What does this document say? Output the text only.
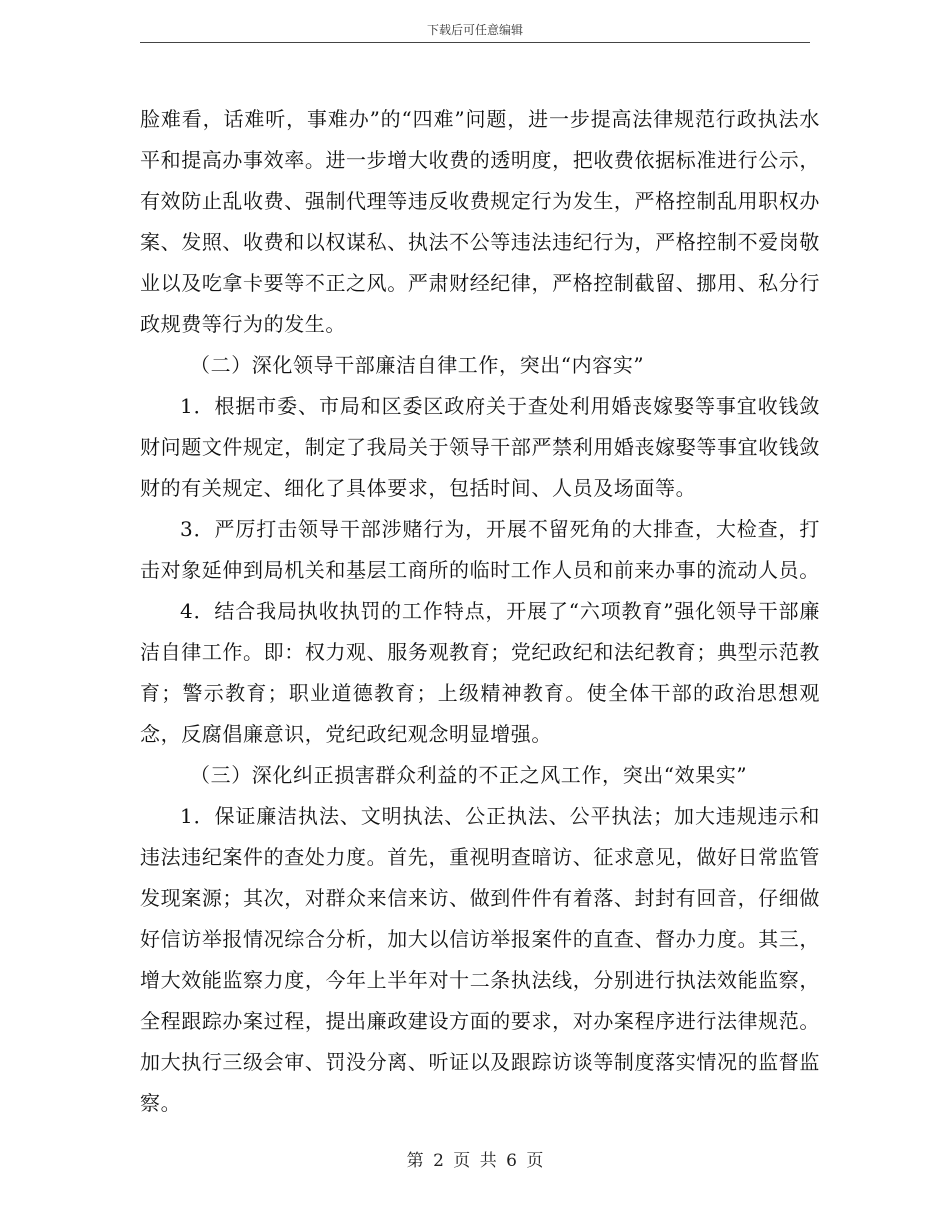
下载后可任意编辑

脸难看，话难听，事难办”的“四难”问题，进一步提高法律规范行政执法水平和提高办事效率。进一步增大收费的透明度，把收费依据标准进行公示，有效防止乱收费、强制代理等违反收费规定行为发生，严格控制乱用职权办案、发照、收费和以权谋私、执法不公等违法违纪行为，严格控制不爱岗敬业以及吃拿卡要等不正之风。严肃财经纪律，严格控制截留、挪用、私分行政规费等行为的发生。

（二）深化领导干部廉洁自律工作，突出“内容实”

1．根据市委、市局和区委区政府关于查处利用婚丧嫁娶等事宜收钱敛财问题文件规定，制定了我局关于领导干部严禁利用婚丧嫁娶等事宜收钱敛财的有关规定、细化了具体要求，包括时间、人员及场面等。

3．严厉打击领导干部涉赌行为，开展不留死角的大排查，大检查，打击对象延伸到局机关和基层工商所的临时工作人员和前来办事的流动人员。

4．结合我局执收执罚的工作特点，开展了“六项教育”强化领导干部廉洁自律工作。即：权力观、服务观教育；党纪政纪和法纪教育；典型示范教育；警示教育；职业道德教育；上级精神教育。使全体干部的政治思想观念，反腐倡廉意识，党纪政纪观念明显增强。

（三）深化纠正损害群众利益的不正之风工作，突出“效果实”

1．保证廉洁执法、文明执法、公正执法、公平执法；加大违规违示和违法违纪案件的查处力度。首先，重视明查暗访、征求意见，做好日常监管发现案源；其次，对群众来信来访、做到件件有着落、封封有回音，仔细做好信访举报情况综合分析，加大以信访举报案件的直查、督办力度。其三，增大效能监察力度，今年上半年对十二条执法线，分别进行执法效能监察，全程跟踪办案过程，提出廉政建设方面的要求，对办案程序进行法律规范。加大执行三级会审、罚没分离、听证以及跟踪访谈等制度落实情况的监督监察。

第 2 页 共 6 页
